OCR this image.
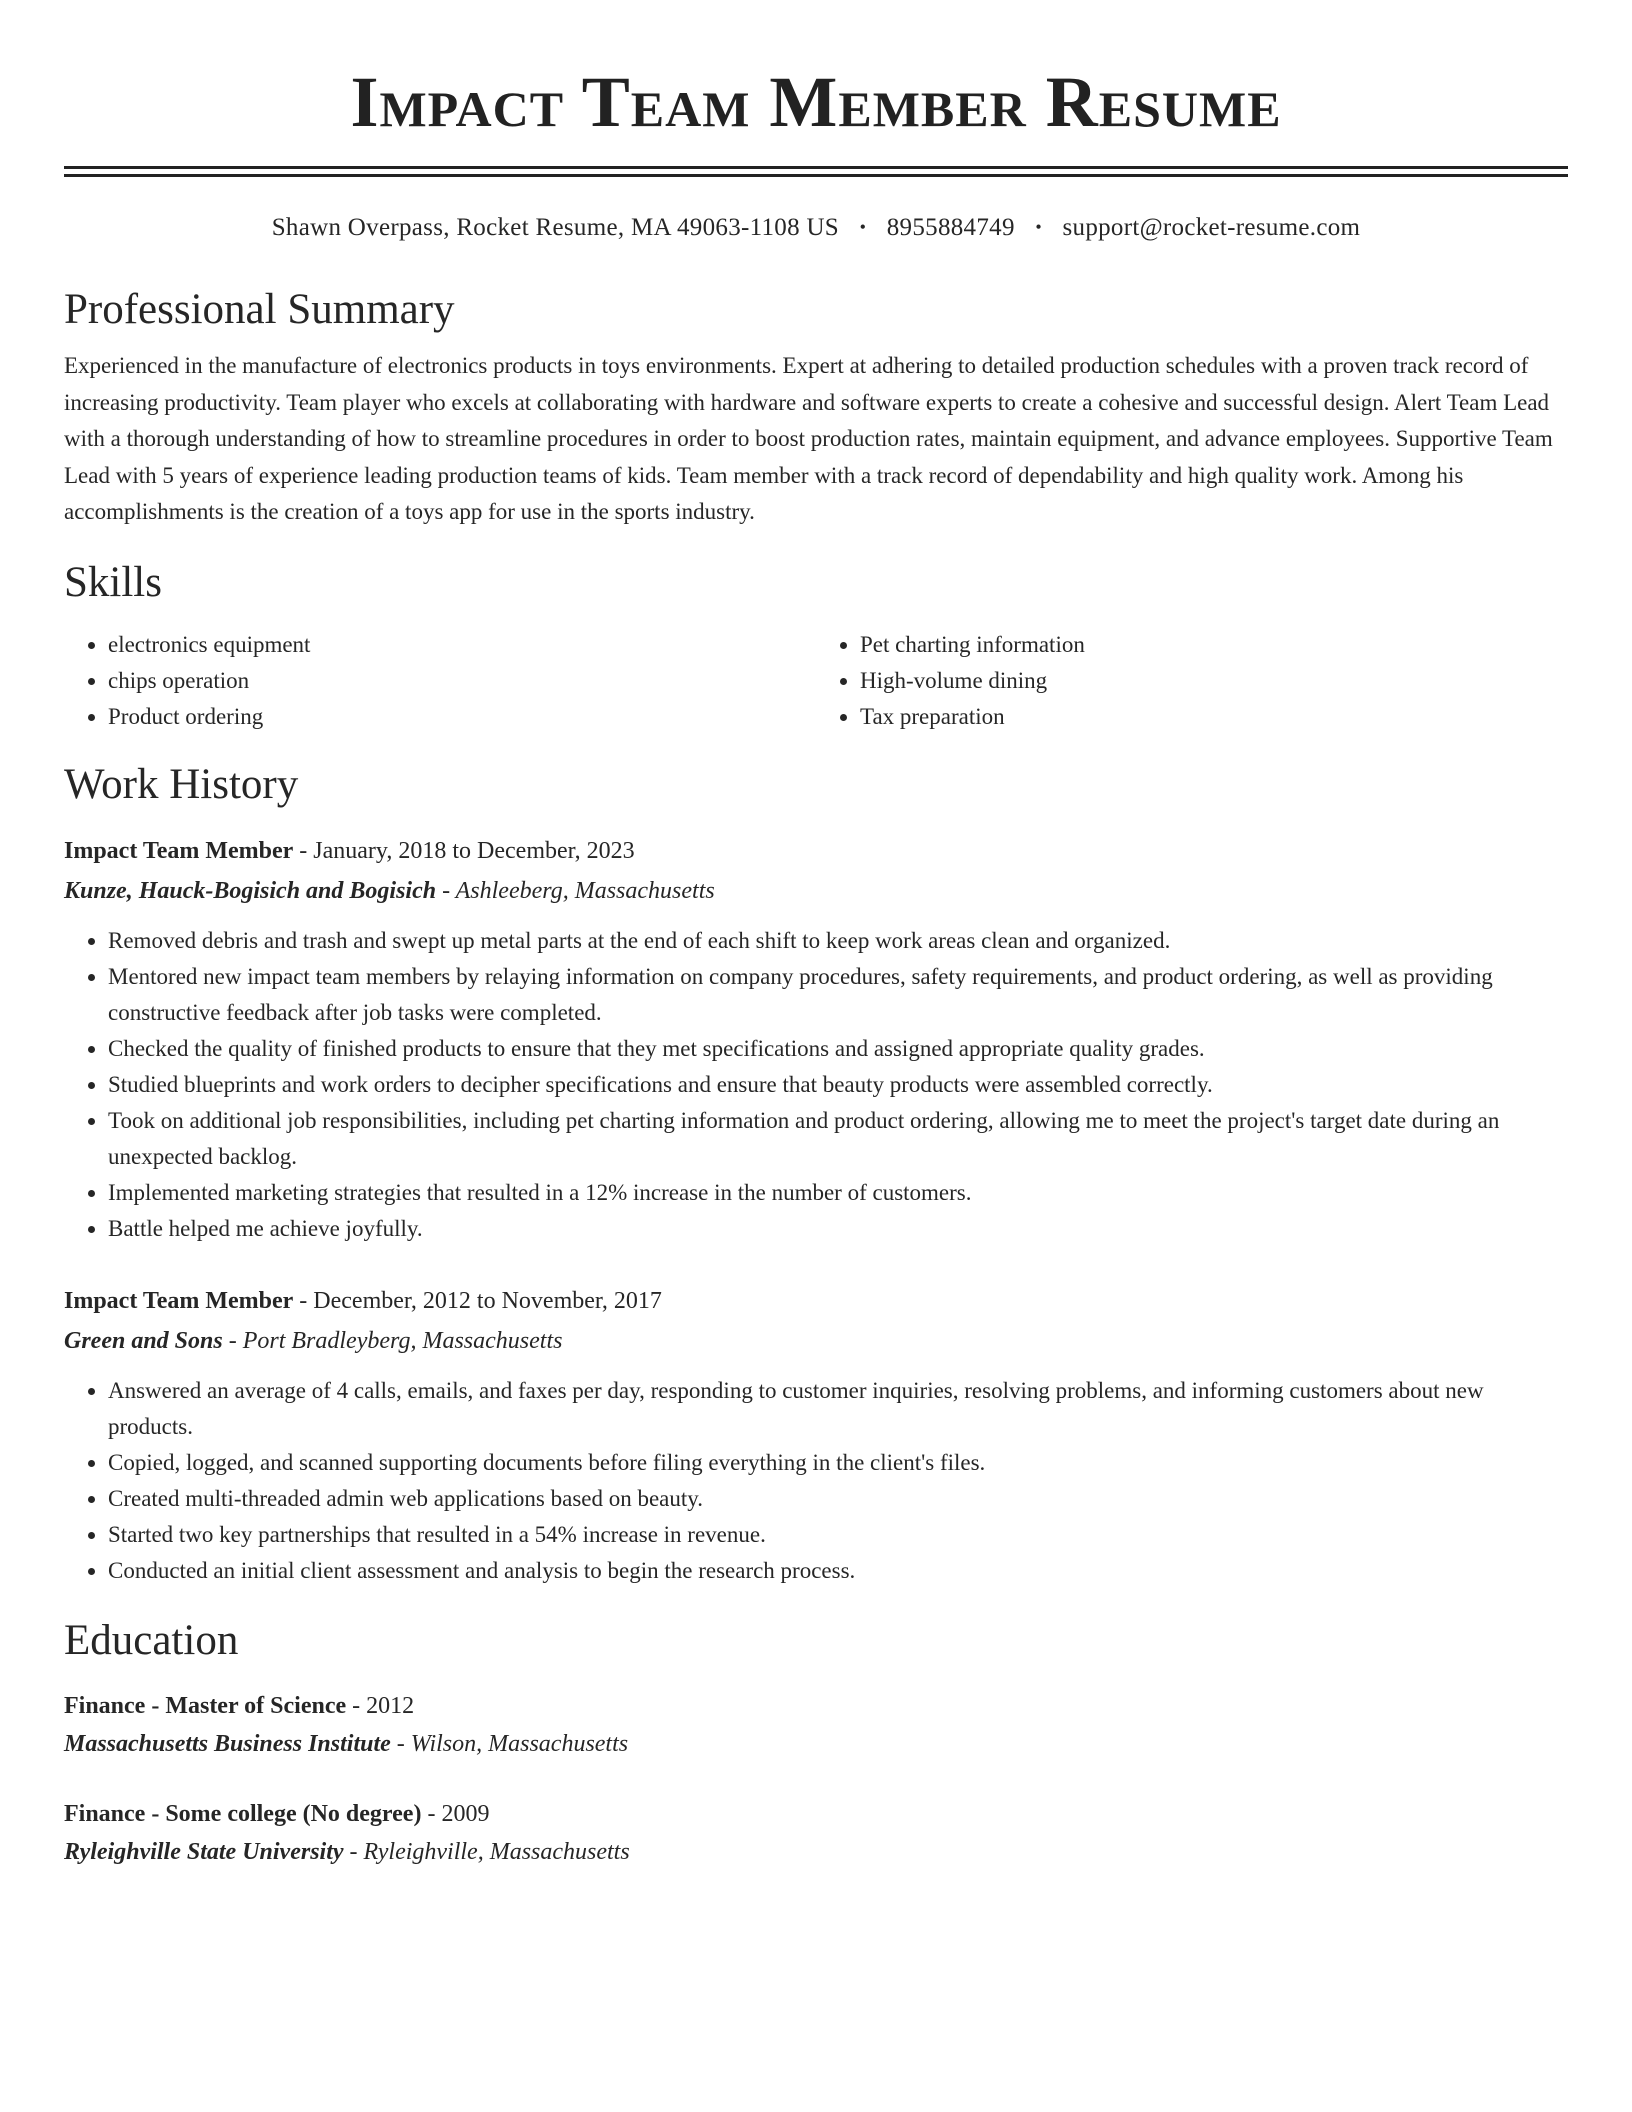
Impact Team Member Resume
Shawn Overpass, Rocket Resume, MA 49063-1108 US • 8955884749 • support@rocket-resume.com
Professional Summary

Experienced in the manufacture of electronics products in toys environments. Expert at adhering to detailed production schedules with a proven track record of increasing productivity. Team player who excels at collaborating with hardware and software experts to create a cohesive and successful design. Alert Team Lead with a thorough understanding of how to streamline procedures in order to boost production rates, maintain equipment, and advance employees. Supportive Team Lead with 5 years of experience leading production teams of kids. Team member with a track record of dependability and high quality work. Among his accomplishments is the creation of a toys app for use in the sports industry.

Skills
• electronics equipment
• chips operation
• Product ordering
• Pet charting information
• High-volume dining
• Tax preparation
Work History
Impact Team Member - January, 2018 to December, 2023
Kunze, Hauck-Bogisich and Bogisich - Ashleeberg, Massachusetts
• Removed debris and trash and swept up metal parts at the end of each shift to keep work areas clean and organized.
• Mentored new impact team members by relaying information on company procedures, safety requirements, and product ordering, as well as providing constructive feedback after job tasks were completed.
• Checked the quality of finished products to ensure that they met specifications and assigned appropriate quality grades.
• Studied blueprints and work orders to decipher specifications and ensure that beauty products were assembled correctly.
• Took on additional job responsibilities, including pet charting information and product ordering, allowing me to meet the project's target date during an unexpected backlog.
• Implemented marketing strategies that resulted in a 12% increase in the number of customers.
• Battle helped me achieve joyfully.
Impact Team Member - December, 2012 to November, 2017
Green and Sons - Port Bradleyberg, Massachusetts
• Answered an average of 4 calls, emails, and faxes per day, responding to customer inquiries, resolving problems, and informing customers about new products.
• Copied, logged, and scanned supporting documents before filing everything in the client's files.
• Created multi-threaded admin web applications based on beauty.
• Started two key partnerships that resulted in a 54% increase in revenue.
• Conducted an initial client assessment and analysis to begin the research process.
Education
Finance - Master of Science - 2012
Massachusetts Business Institute - Wilson, Massachusetts
Finance - Some college (No degree) - 2009
Ryleighville State University - Ryleighville, Massachusetts
